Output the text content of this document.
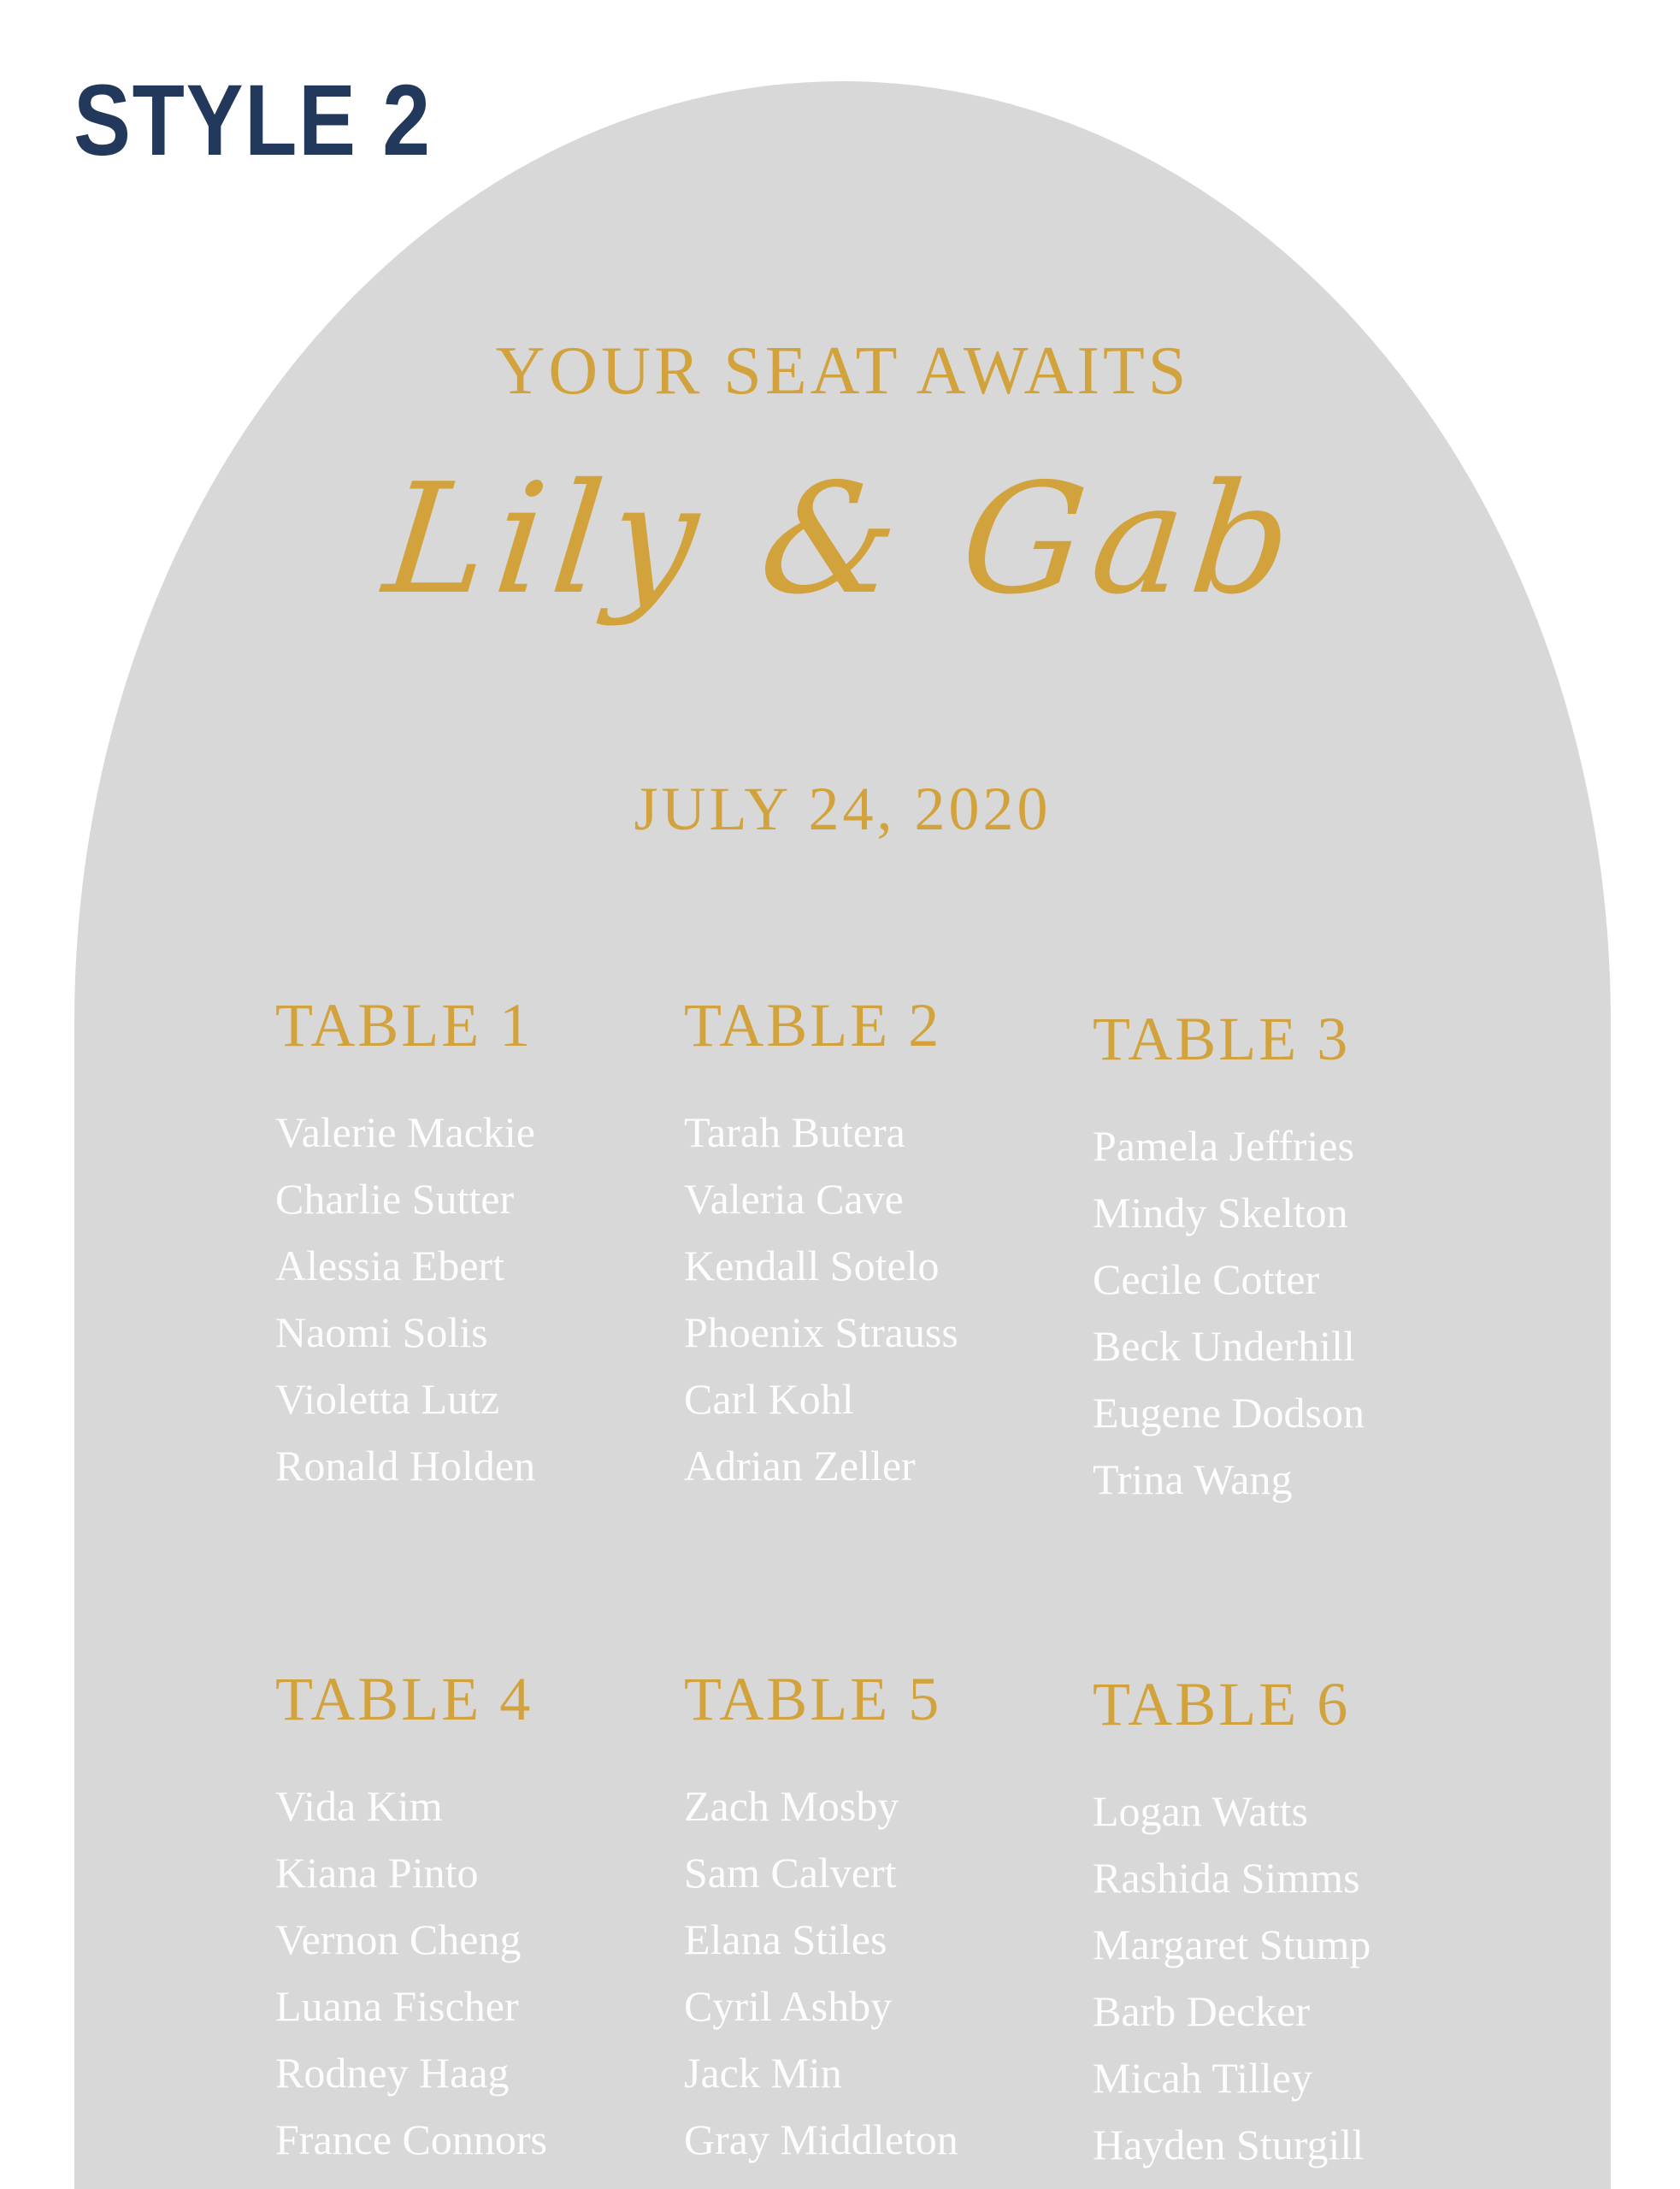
STYLE 2
YOUR SEAT AWAITS
Lily & Gab
JULY 24, 2020
TABLE 1
Valerie Mackie
Charlie Sutter
Alessia Ebert
Naomi Solis
Violetta Lutz
Ronald Holden
TABLE 2
Tarah Butera
Valeria Cave
Kendall Sotelo
Phoenix Strauss
Carl Kohl
Adrian Zeller
TABLE 3
Pamela Jeffries
Mindy Skelton
Cecile Cotter
Beck Underhill
Eugene Dodson
Trina Wang
TABLE 4
Vida Kim
Kiana Pinto
Vernon Cheng
Luana Fischer
Rodney Haag
France Connors
TABLE 5
Zach Mosby
Sam Calvert
Elana Stiles
Cyril Ashby
Jack Min
Gray Middleton
TABLE 6
Logan Watts
Rashida Simms
Margaret Stump
Barb Decker
Micah Tilley
Hayden Sturgill
